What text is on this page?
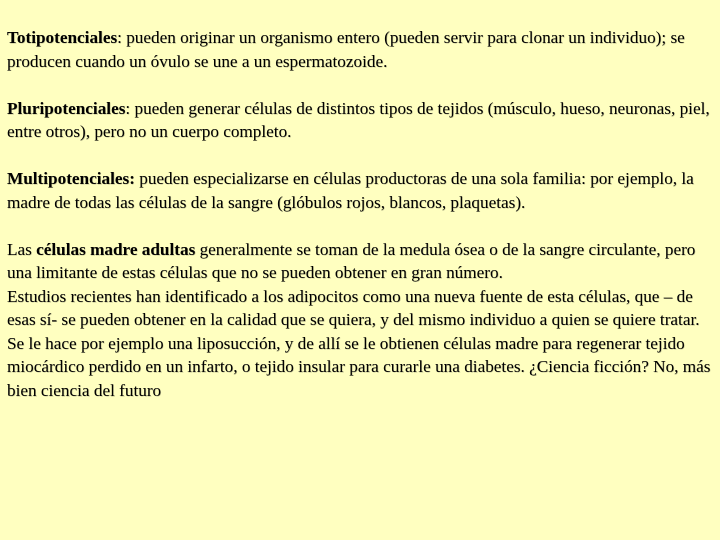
Totipotenciales: pueden originar un organismo entero (pueden servir para clonar un individuo); se producen cuando un óvulo se une a un espermatozoide.

Pluripotenciales: pueden generar células de distintos tipos de tejidos (músculo, hueso, neuronas, piel, entre otros), pero no un cuerpo completo.

Multipotenciales: pueden especializarse en células productoras de una sola familia: por ejemplo, la madre de todas las células de la sangre (glóbulos rojos, blancos, plaquetas).

Las células madre adultas generalmente se toman de la medula ósea o de la sangre circulante, pero una limitante de estas células que no se pueden obtener en gran número.

Estudios recientes han identificado a los adipocitos como una nueva fuente de esta células, que – de esas sí- se pueden obtener en la calidad que se quiera, y del mismo individuo a quien se quiere tratar. Se le hace por ejemplo una liposucción, y de allí se le obtienen células madre para regenerar tejido miocárdico perdido en un infarto, o tejido insular para curarle una diabetes. ¿Ciencia ficción? No, más bien ciencia del futuro
